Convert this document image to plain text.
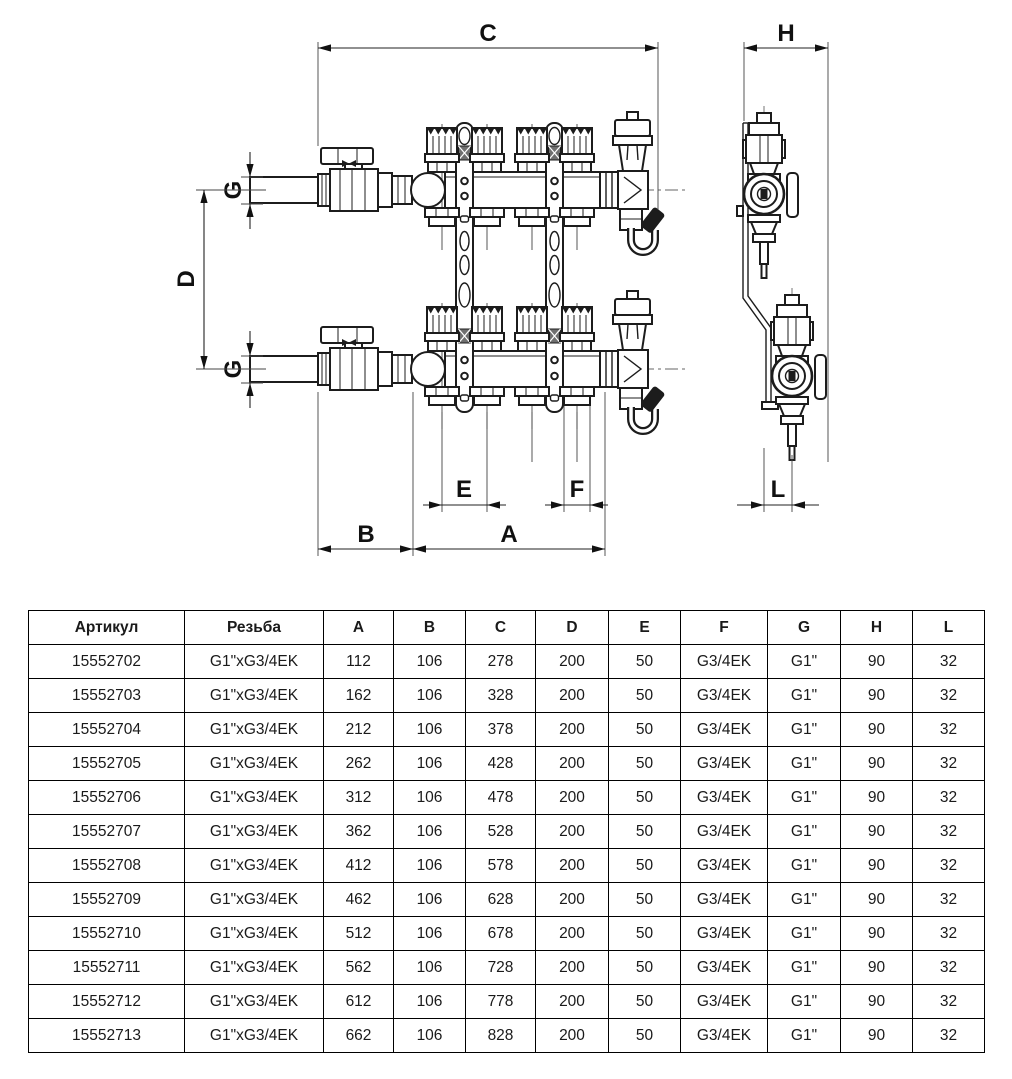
C	H
G
G
D
E	F
B	A
L
Артикул	Резьба	A	B	C	D	E	F	G	H	L
15552702	G1"xG3/4EK	112	106	278	200	50	G3/4EK	G1"	90	32
15552703	G1"xG3/4EK	162	106	328	200	50	G3/4EK	G1"	90	32
15552704	G1"xG3/4EK	212	106	378	200	50	G3/4EK	G1"	90	32
15552705	G1"xG3/4EK	262	106	428	200	50	G3/4EK	G1"	90	32
15552706	G1"xG3/4EK	312	106	478	200	50	G3/4EK	G1"	90	32
15552707	G1"xG3/4EK	362	106	528	200	50	G3/4EK	G1"	90	32
15552708	G1"xG3/4EK	412	106	578	200	50	G3/4EK	G1"	90	32
15552709	G1"xG3/4EK	462	106	628	200	50	G3/4EK	G1"	90	32
15552710	G1"xG3/4EK	512	106	678	200	50	G3/4EK	G1"	90	32
15552711	G1"xG3/4EK	562	106	728	200	50	G3/4EK	G1"	90	32
15552712	G1"xG3/4EK	612	106	778	200	50	G3/4EK	G1"	90	32
15552713	G1"xG3/4EK	662	106	828	200	50	G3/4EK	G1"	90	32
